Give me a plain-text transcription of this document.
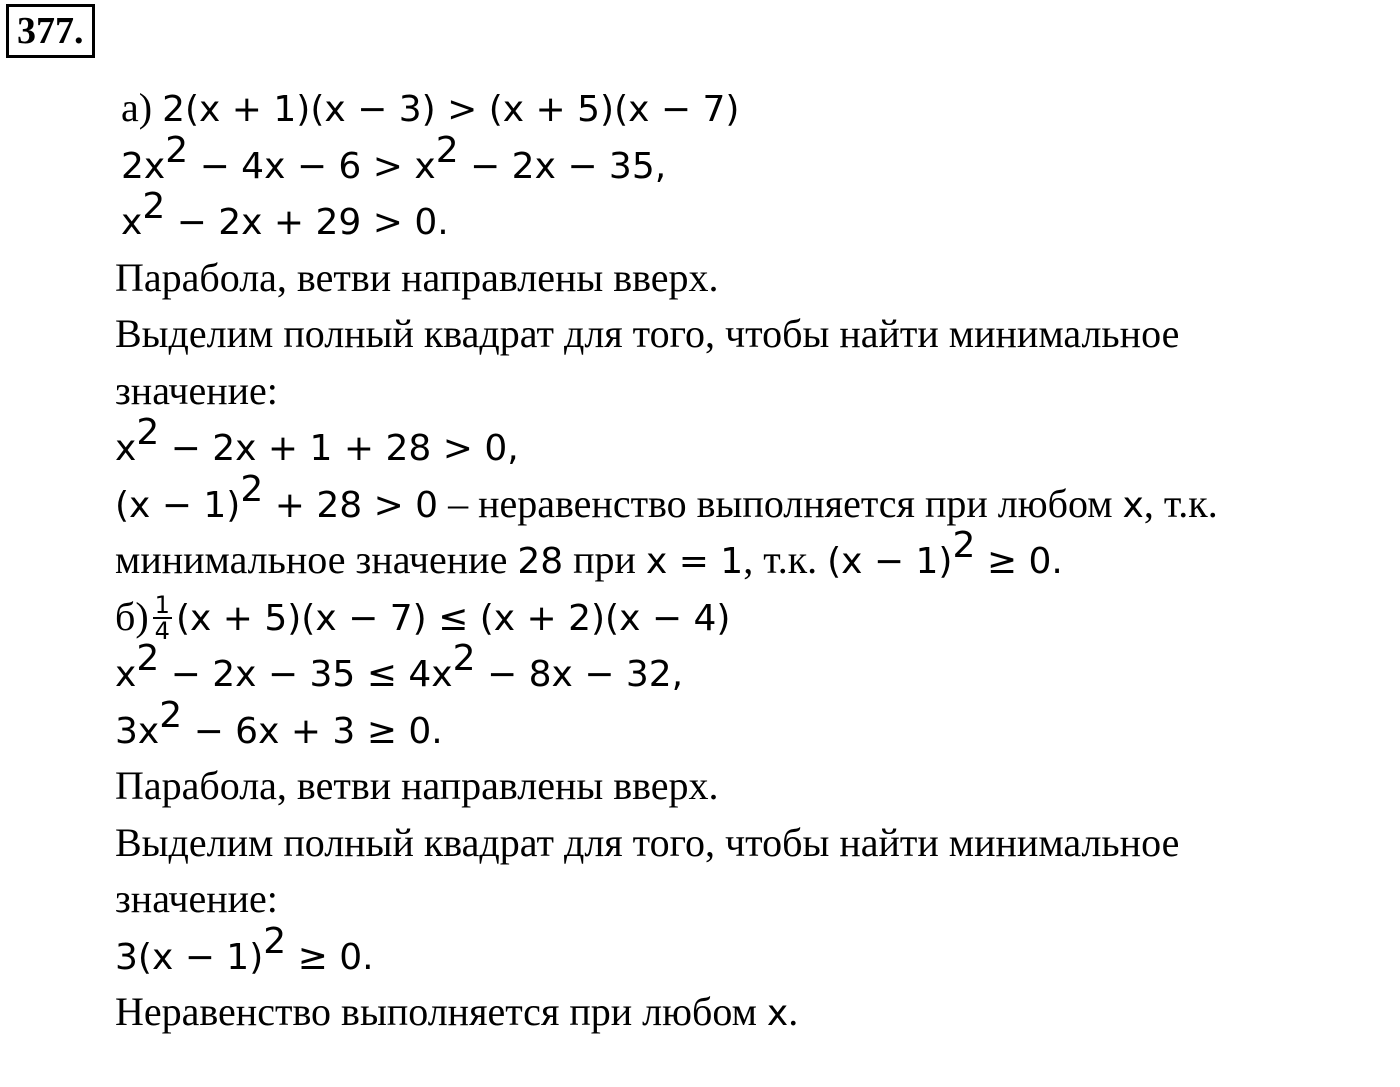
377.
а) 2(x + 1)(x − 3) > (x + 5)(x − 7)
$2x^2 - 4x - 6 > x^2 - 2x - 35$,
$x^2 - 2x + 29 > 0$.
Парабола, ветви направлены вверх.
Выделим полный квадрат для того, чтобы найти минимальное
значение:
$x^2 - 2x + 1 + 28 > 0$,
$(x - 1)^2 + 28 > 0$ – неравенство выполняется при любом x, т.к.
минимальное значение 28 при x = 1, т.к. $(x - 1)^2 \ge 0$.
$б) \frac{1}{4} (x + 5)(x - 7) \le (x + 2)(x - 4)$
$x^2 - 2x - 35 \le 4x^2 - 8x - 32$,
$3x^2 - 6x + 3 \ge 0$.
Парабола, ветви направлены вверх.
Выделим полный квадрат для того, чтобы найти минимальное
значение:
$3(x - 1)^2 \ge 0$.
Неравенство выполняется при любом x.
